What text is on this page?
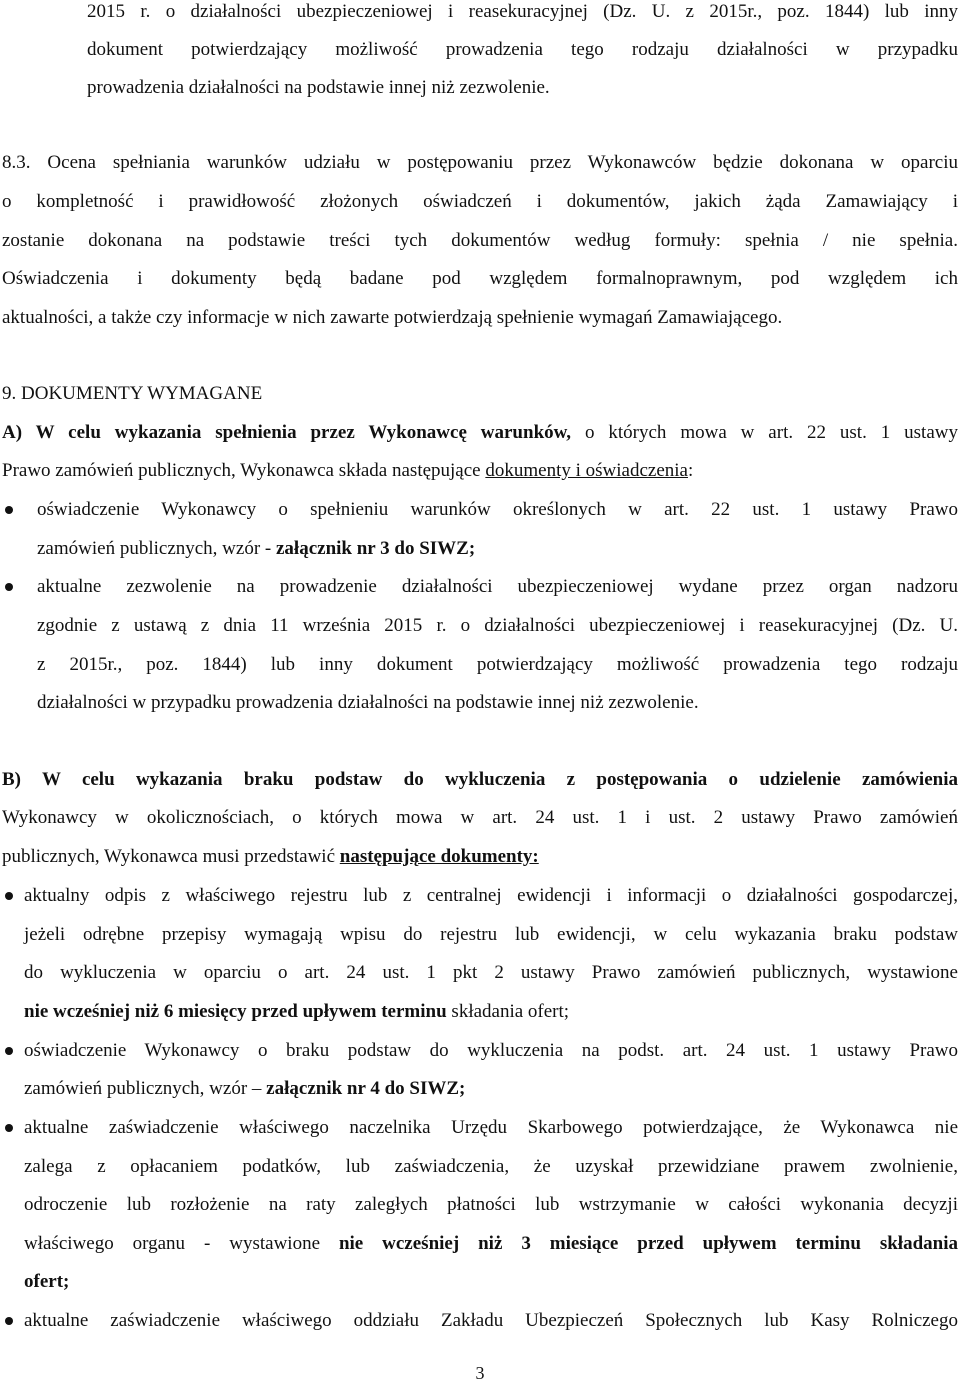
2015 r. o działalności ubezpieczeniowej i reasekuracyjnej (Dz. U. z 2015r., poz. 1844) lub inny
dokument potwierdzający możliwość prowadzenia tego rodzaju działalności w przypadku
prowadzenia działalności na podstawie innej niż zezwolenie.
8.3. Ocena spełniania warunków udziału w postępowaniu przez Wykonawców będzie dokonana w oparciu
o kompletność i prawidłowość złożonych oświadczeń i dokumentów, jakich żąda Zamawiający i
zostanie dokonana na podstawie treści tych dokumentów według formuły: spełnia / nie spełnia.
Oświadczenia i dokumenty będą badane pod względem formalnoprawnym, pod względem ich
aktualności, a także czy informacje w nich zawarte potwierdzają spełnienie wymagań Zamawiającego.
9. DOKUMENTY WYMAGANE
A) W celu wykazania spełnienia przez Wykonawcę warunków, o których mowa w art. 22 ust. 1 ustawy
Prawo zamówień publicznych, Wykonawca składa następujące dokumenty i oświadczenia:
oświadczenie Wykonawcy o spełnieniu warunków określonych w art. 22 ust. 1 ustawy Prawo
zamówień publicznych, wzór - załącznik nr 3 do SIWZ;
aktualne zezwolenie na prowadzenie działalności ubezpieczeniowej wydane przez organ nadzoru
zgodnie z ustawą z dnia 11 września 2015 r. o działalności ubezpieczeniowej i reasekuracyjnej (Dz. U.
z 2015r., poz. 1844) lub inny dokument potwierdzający możliwość prowadzenia tego rodzaju
działalności w przypadku prowadzenia działalności na podstawie innej niż zezwolenie.
B) W celu wykazania braku podstaw do wykluczenia z postępowania o udzielenie zamówienia
Wykonawcy w okolicznościach, o których mowa w art. 24 ust. 1 i ust. 2 ustawy Prawo zamówień
publicznych, Wykonawca musi przedstawić następujące dokumenty:
aktualny odpis z właściwego rejestru lub z centralnej ewidencji i informacji o działalności gospodarczej,
jeżeli odrębne przepisy wymagają wpisu do rejestru lub ewidencji, w celu wykazania braku podstaw
do wykluczenia w oparciu o art. 24 ust. 1 pkt 2 ustawy Prawo zamówień publicznych, wystawione
nie wcześniej niż 6 miesięcy przed upływem terminu składania ofert;
oświadczenie Wykonawcy o braku podstaw do wykluczenia na podst. art. 24 ust. 1 ustawy Prawo
zamówień publicznych, wzór – załącznik nr 4 do SIWZ;
aktualne zaświadczenie właściwego naczelnika Urzędu Skarbowego potwierdzające, że Wykonawca nie
zalega z opłacaniem podatków, lub zaświadczenia, że uzyskał przewidziane prawem zwolnienie,
odroczenie lub rozłożenie na raty zaległych płatności lub wstrzymanie w całości wykonania decyzji
właściwego organu - wystawione nie wcześniej niż 3 miesiące przed upływem terminu składania
ofert;
aktualne zaświadczenie właściwego oddziału Zakładu Ubezpieczeń Społecznych lub Kasy Rolniczego
3
